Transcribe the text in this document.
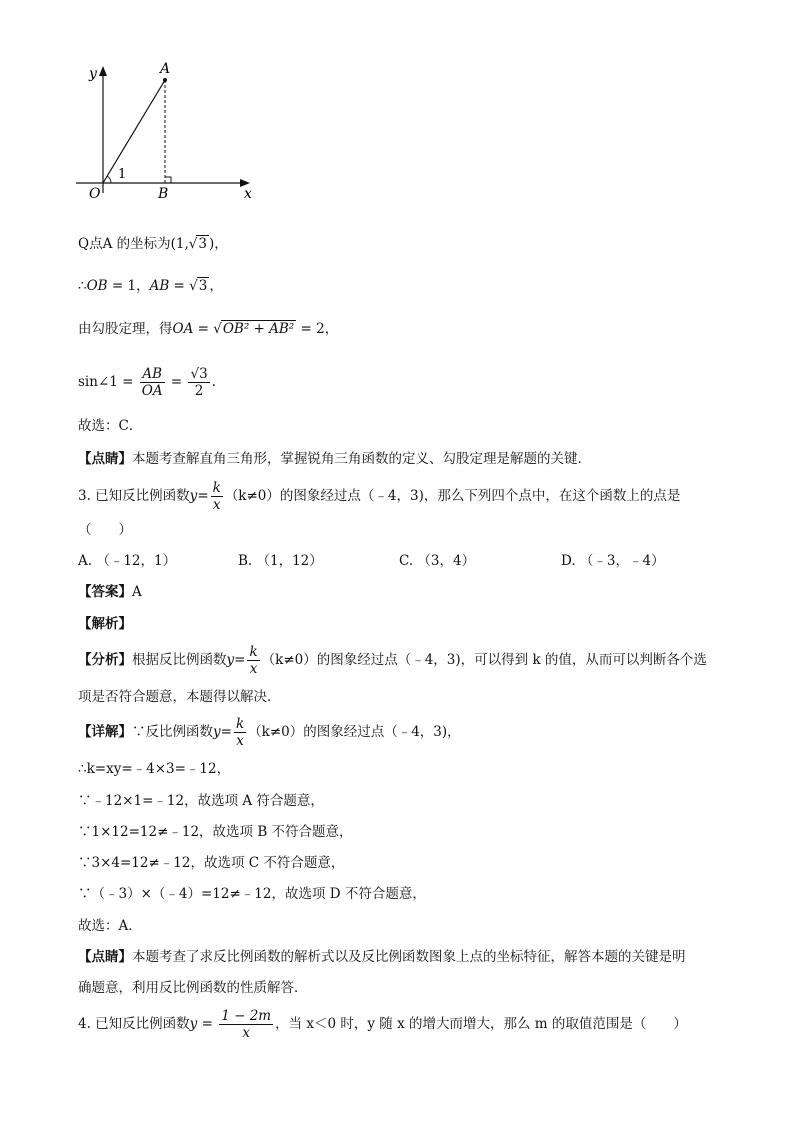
y	A
1
O	B	x
Q点A 的坐标为(1,√3 )，
∴OB = 1，AB = √3 ，
由勾股定理，得OA = √OB² + AB² = 2，
sin∠1 = $\frac{AB}{OA} = \frac{√3}{2}$ .
故选：C．
【点睛】本题考查解直角三角形，掌握锐角三角函数的定义、勾股定理是解题的关键．
3. 已知反比例函数$y= \frac{k}{x} (k\ne 0)$的图象经过点（﹣4，3)，那么下列四个点中，在这个函数上的点是
（　　）
A. （﹣12，1）	B. （1，12）	C. （3，4）	D. （﹣3，﹣4）
【答案】A
【解析】
【分析】根据反比例函数$y= \frac{k}{x} (k\ne 0)$的图象经过点（﹣4，3)，可以得到 k 的值，从而可以判断各个选
项是否符合题意，本题得以解决．
【详解】∵反比例函数$y= \frac{k}{x} (k\ne 0)$的图象经过点（﹣4，3)，
∴k=xy=﹣4×3=﹣12，
∵﹣12×1=﹣12，故选项 A 符合题意，
∵1×12=12≠﹣12，故选项 B 不符合题意，
∵3×4=12≠﹣12，故选项 C 不符合题意，
∵（﹣3）×（﹣4）=12≠﹣12，故选项 D 不符合题意，
故选：A．
【点睛】本题考查了求反比例函数的解析式以及反比例函数图象上点的坐标特征，解答本题的关键是明
确题意，利用反比例函数的性质解答．
4. 已知反比例函数$y = \frac{1 - 2m}{x}$ ，当 x＜0 时，y 随 x 的增大而增大，那么 m 的取值范围是（　　）
